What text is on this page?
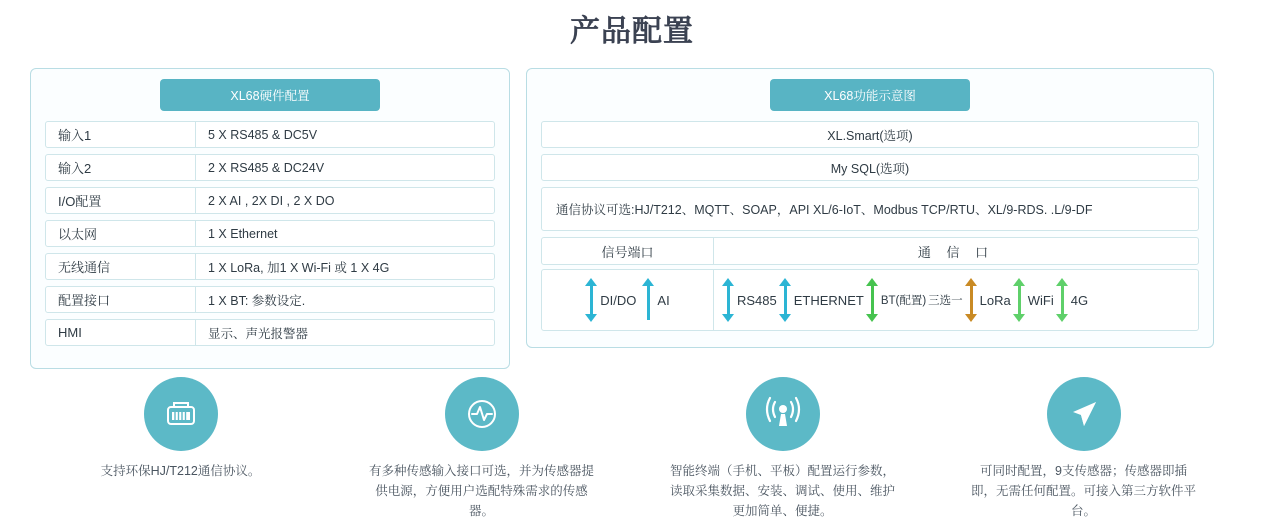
产品配置
XL68硬件配置
输入1	5 X RS485 & DC5V
输入2	2 X RS485 & DC24V
I/O配置	2 X AI , 2X DI , 2 X DO
以太网	1 X Ethernet
无线通信	1 X LoRa, 加1 X Wi-Fi 或 1 X 4G
配置接口	1 X BT: 参数设定.
HMI	显示、声光报警器
XL68功能示意图
XL.Smart(选项)
My SQL(选项)
通信协议可选:HJ/T212、MQTT、SOAP，API XL/6-IoT、Modbus TCP/RTU、XL/9-RDS. .L/9-DF
信号端口	通 信 口
DI/DO AI	RS485 ETHERNET BT(配置) 三选一 LoRa WiFi 4G

支持环保HJ/T212通信协议。	有多种传感输入接口可选，并为传感器提供电源，方便用户选配特殊需求的传感器。

智能终端（手机、平板）配置运行参数，读取采集数据、安装、调试、使用、维护更加简单、便捷。

可同时配置，9支传感器；传感器即插即，无需任何配置。可接入第三方软件平台。
